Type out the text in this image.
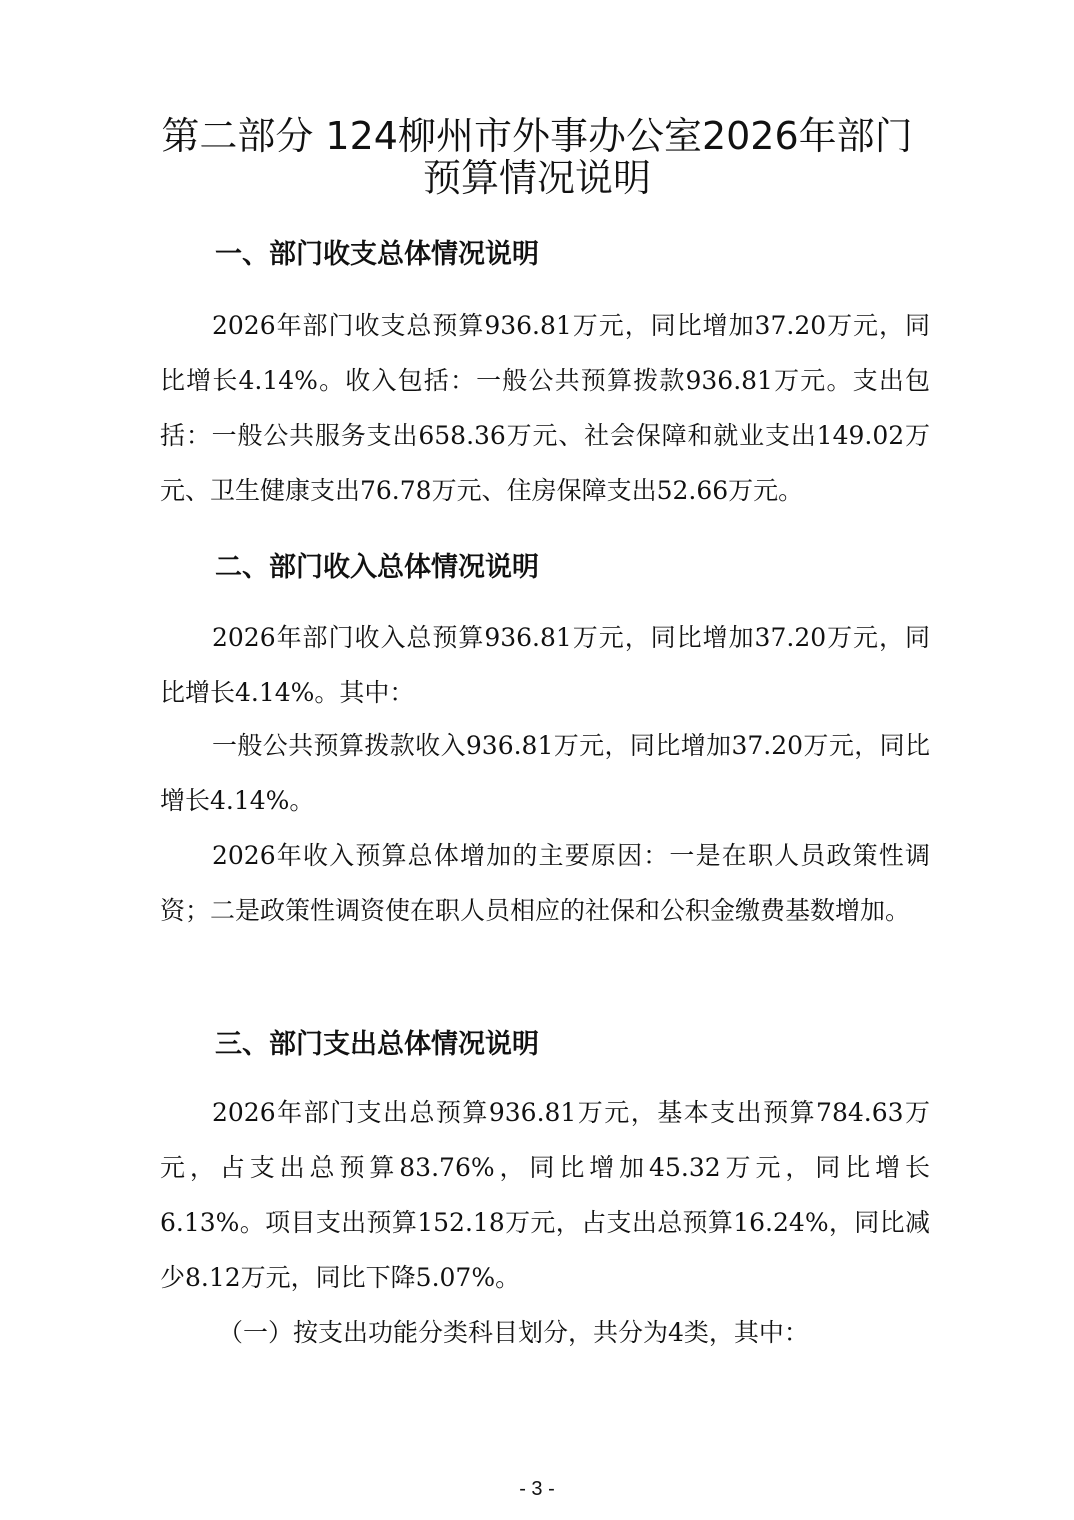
第二部分 124柳州市外事办公室2026年部门
预算情况说明
一、部门收支总体情况说明

2026年部门收支总预算936.81万元，同比增加37.20万元，同比增长4.14%。收入包括：一般公共预算拨款936.81万元。支出包括：一般公共服务支出658.36万元、社会保障和就业支出149.02万元、卫生健康支出76.78万元、住房保障支出52.66万元。

二、部门收入总体情况说明

2026年部门收入总预算936.81万元，同比增加37.20万元，同比增长4.14%。其中：

一般公共预算拨款收入936.81万元，同比增加37.20万元，同比增长4.14%。

2026年收入预算总体增加的主要原因：一是在职人员政策性调资；二是政策性调资使在职人员相应的社保和公积金缴费基数增加。

三、部门支出总体情况说明

2026年部门支出总预算936.81万元，基本支出预算784.63万元，占支出总预算83.76%，同比增加45.32万元，同比增长6.13%。项目支出预算152.18万元，占支出总预算16.24%，同比减少8.12万元，同比下降5.07%。

（一）按支出功能分类科目划分，共分为4类，其中：

- 3 -
